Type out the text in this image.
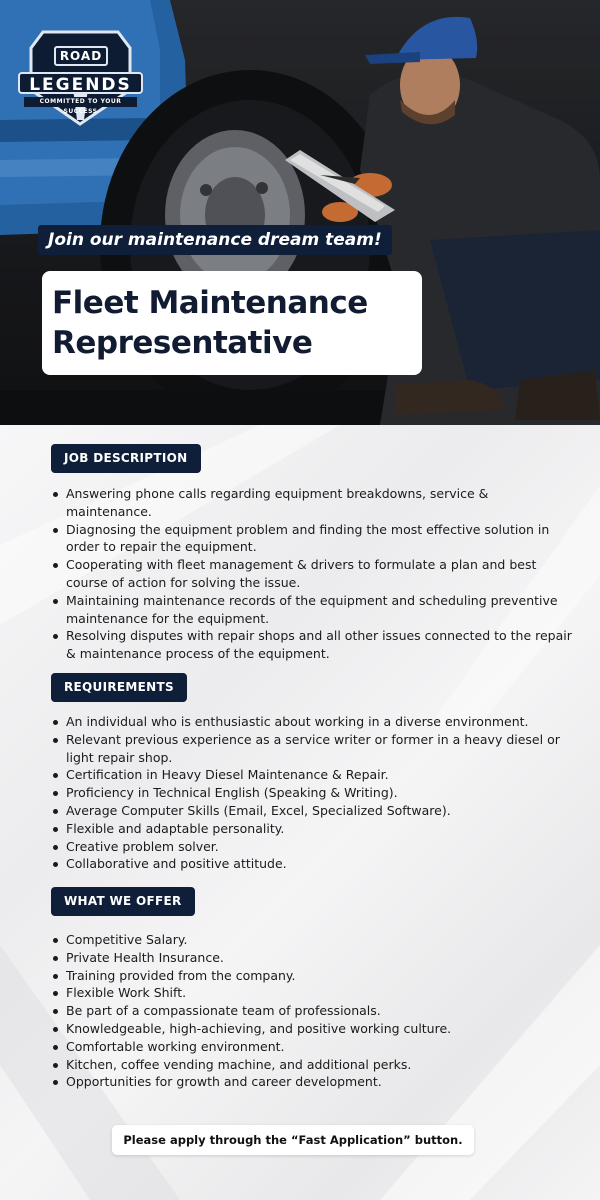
ROAD
LEGENDS
COMMITTED TO YOUR SUCCESS
Join our maintenance dream team!
Fleet Maintenance
Representative
JOB DESCRIPTION
Answering phone calls regarding equipment breakdowns, service & maintenance.
Diagnosing the equipment problem and finding the most effective solution in order to repair the equipment.
Cooperating with fleet management & drivers to formulate a plan and best course of action for solving the issue.
Maintaining maintenance records of the equipment and scheduling preventive maintenance for the equipment.
Resolving disputes with repair shops and all other issues connected to the repair & maintenance process of the equipment.
REQUIREMENTS
An individual who is enthusiastic about working in a diverse environment.
Relevant previous experience as a service writer or former in a heavy diesel or light repair shop.
Certification in Heavy Diesel Maintenance & Repair.
Proficiency in Technical English (Speaking & Writing).
Average Computer Skills (Email, Excel, Specialized Software).
Flexible and adaptable personality.
Creative problem solver.
Collaborative and positive attitude.
WHAT WE OFFER
Competitive Salary.
Private Health Insurance.
Training provided from the company.
Flexible Work Shift.
Be part of a compassionate team of professionals.
Knowledgeable, high-achieving, and positive working culture.
Comfortable working environment.
Kitchen, coffee vending machine, and additional perks.
Opportunities for growth and career development.
Please apply through the “Fast Application” button.
